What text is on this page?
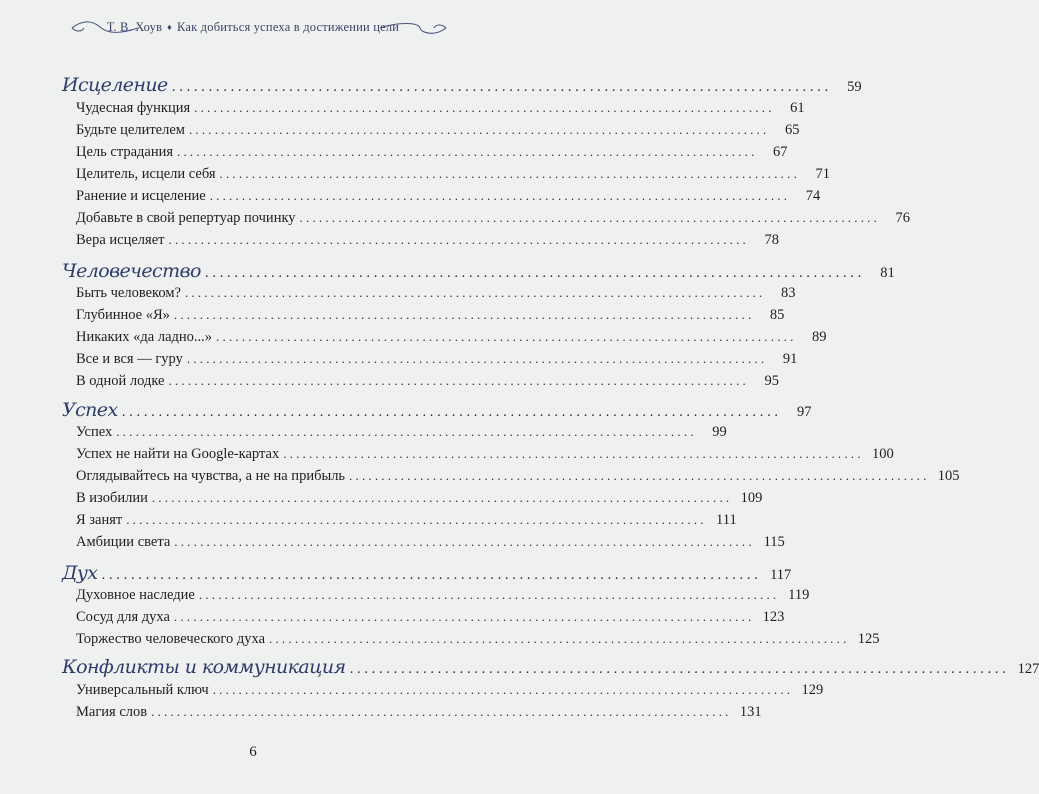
Т. В. Хоув ♦ Как добиться успеха в достижении цели
Исцеление ..........................................................................................	59
Чудесная функция ..........................................................................................	61
Будьте целителем ..........................................................................................	65
Цель страдания ..........................................................................................	67
Целитель, исцели себя ..........................................................................................	71
Ранение и исцеление ..........................................................................................	74
Добавьте в свой репертуар починку ..........................................................................................	76
Вера исцеляет ..........................................................................................	78
Человечество ..........................................................................................	81
Быть человеком? ..........................................................................................	83
Глубинное «Я» ..........................................................................................	85
Никаких «да ладно...» ..........................................................................................	89
Все и вся — гуру ..........................................................................................	91
В одной лодке ..........................................................................................	95
Успех ..........................................................................................	97
Успех ..........................................................................................	99
Успех не найти на Google-картах .......................................................................................... 100
Оглядывайтесь на чувства, а не на прибыль .......................................................................................... 105
В изобилии .......................................................................................... 109
Я занят .......................................................................................... 111
Амбиции света .......................................................................................... 115
Дух .......................................................................................... 117
Духовное наследие .......................................................................................... 119
Сосуд для духа .......................................................................................... 123
Торжество человеческого духа .......................................................................................... 125
Конфликты и коммуникация .......................................................................................... 127
Универсальный ключ .......................................................................................... 129
Магия слов .......................................................................................... 131
6
